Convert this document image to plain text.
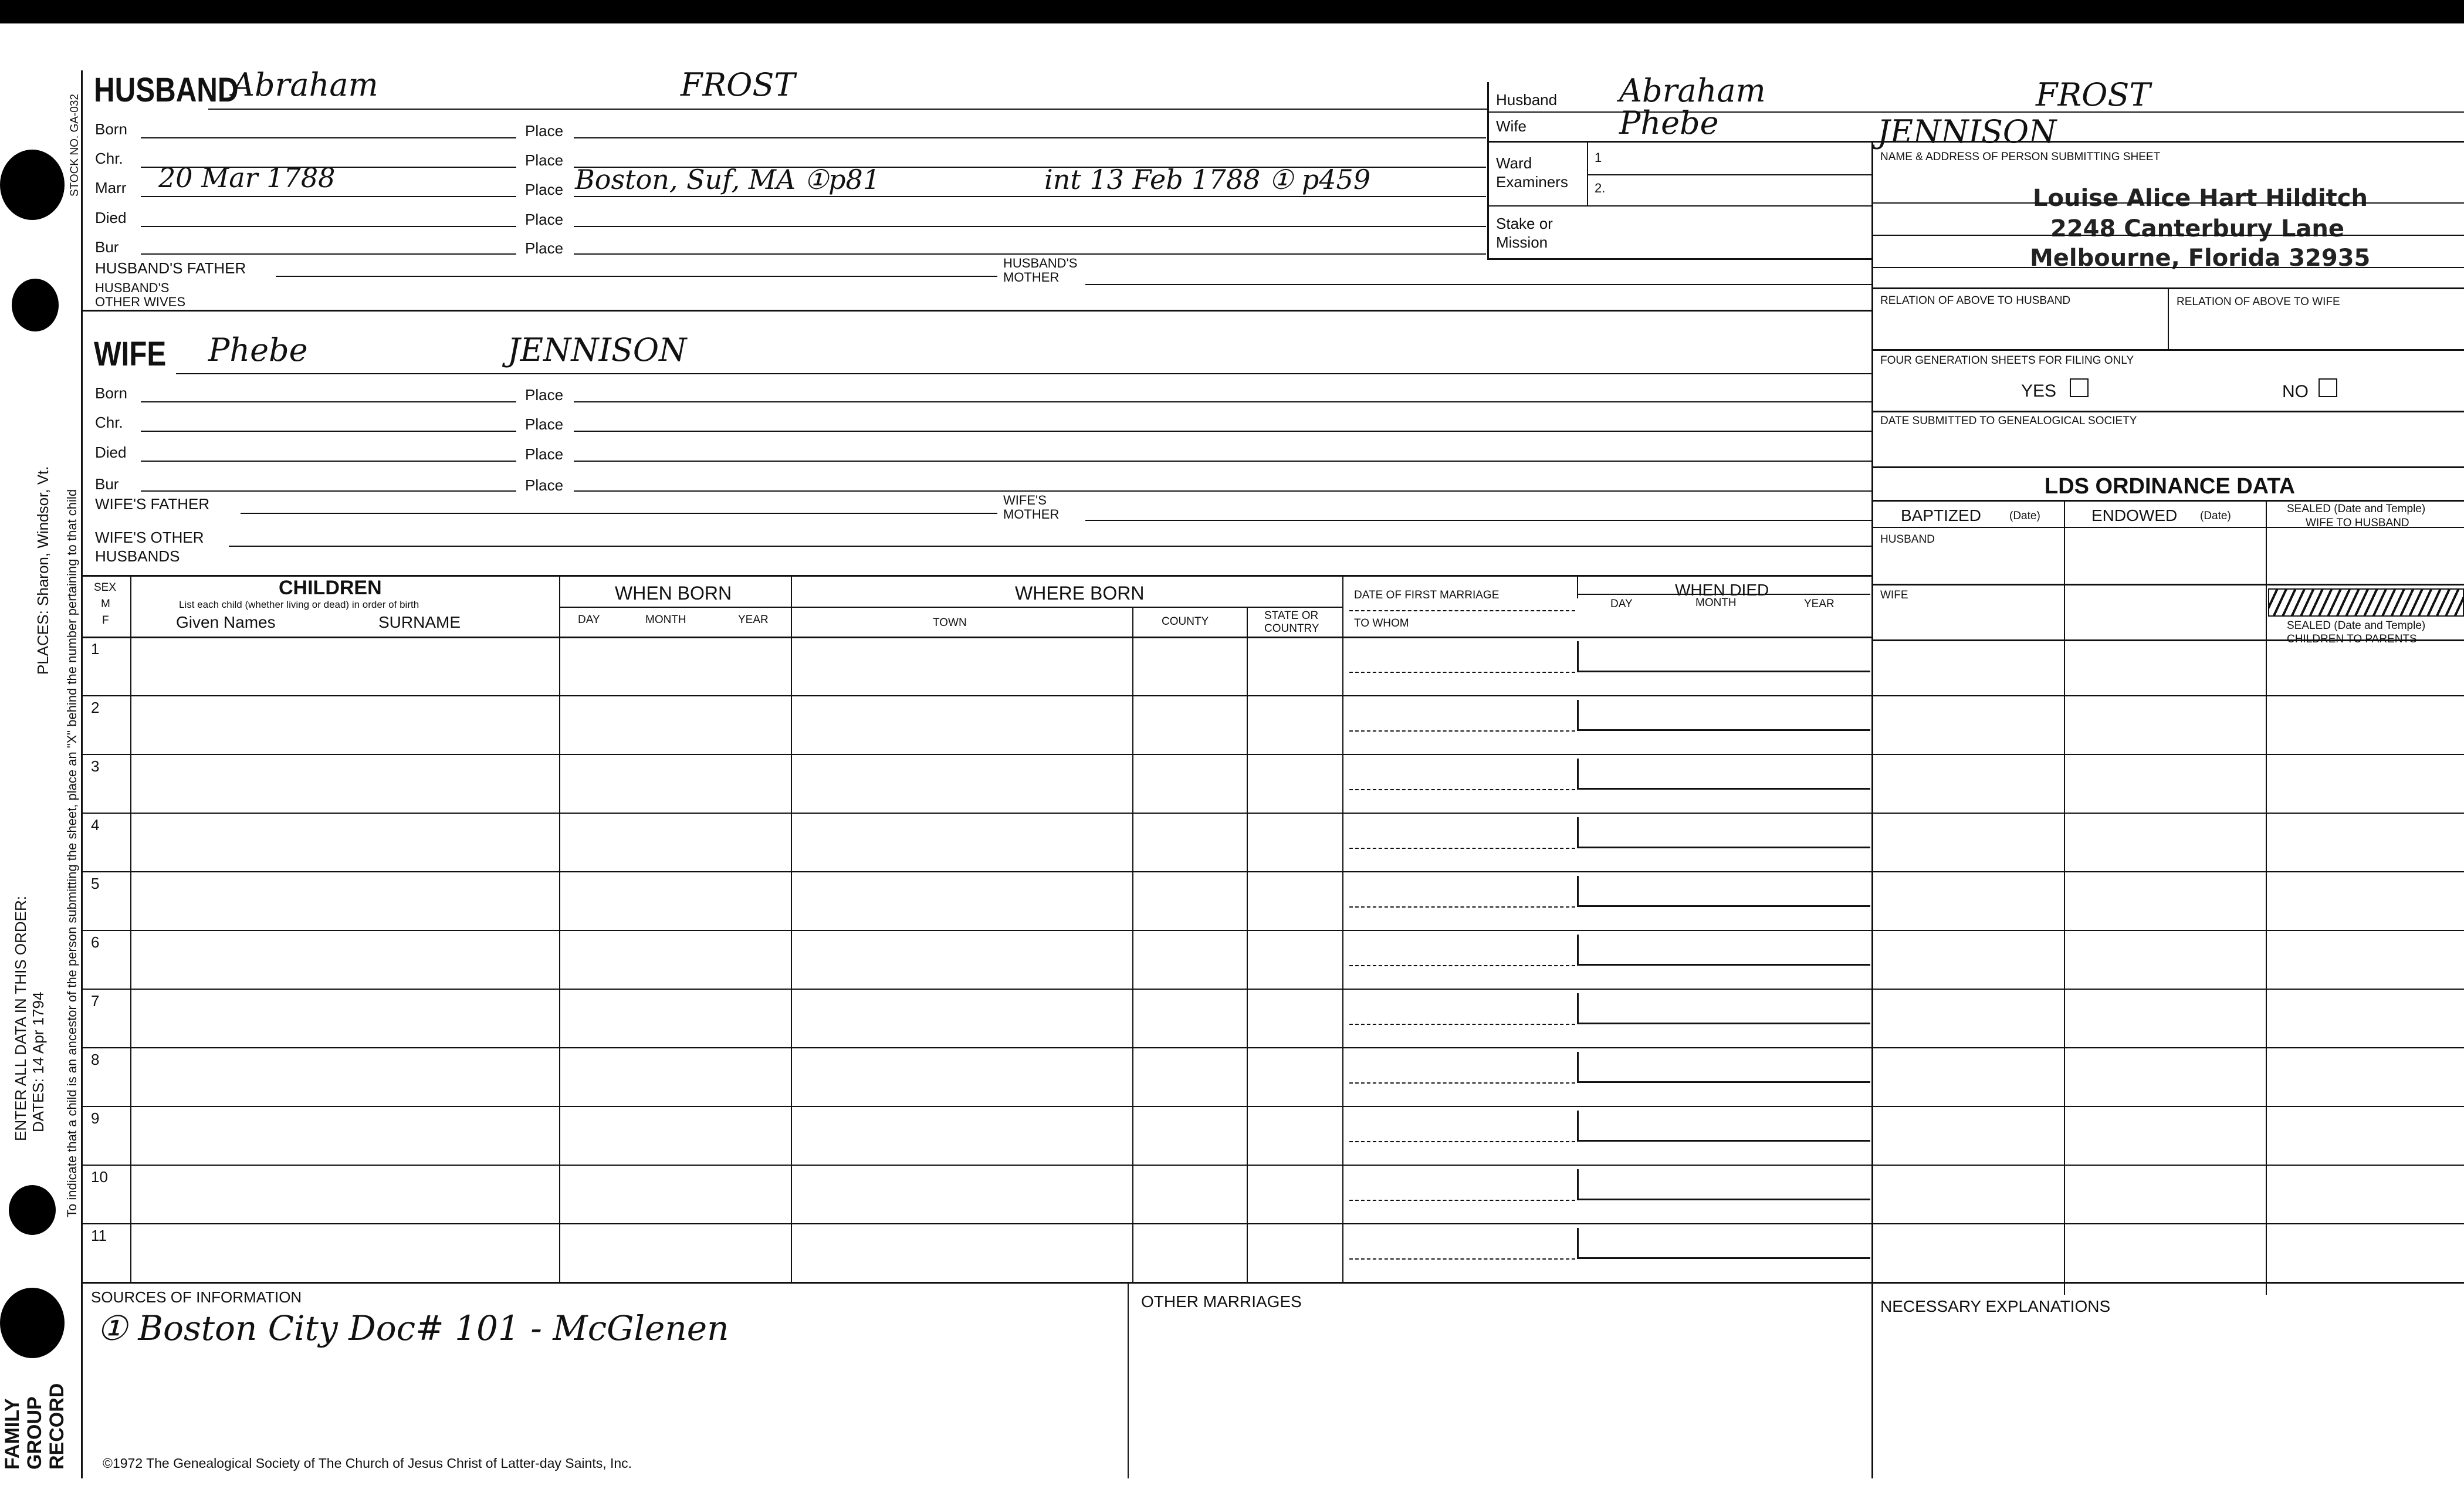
STOCK NO. GA-032
PLACES: Sharon, Windsor, Vt. To indicate that a child is an ancestor of the person submitting the sheet, place an "X" behind the number pertaining to that child
ENTER ALL DATA IN THIS ORDER: DATES: 14 Apr 1794
FAMILY GROUP RECORD
HUSBAND
Abraham	FROST
Born	Place
Chr.	Place
Marr 20 Mar 1788	Place Boston, Suf, MA ①p81	int 13 Feb 1788 ① p459
Died	Place
Bur	Place
HUSBAND'S FATHER	HUSBAND'S
MOTHER
HUSBAND'S
OTHER WIVES
WIFE Phebe	JENNISON
Born	Place
Chr.	Place
Died	Place
Bur	Place
WIFE'S FATHER	WIFE'S
MOTHER
WIFE'S OTHER
HUSBANDS
Husband Abraham	FROST
Wife	Phebe	JENNISON
Ward
Examiners
1
2.
Stake or
Mission
NAME & ADDRESS OF PERSON SUBMITTING SHEET
Louise Alice Hart Hilditch
2248 Canterbury Lane
Melbourne, Florida 32935
RELATION OF ABOVE TO HUSBAND	RELATION OF ABOVE TO WIFE
FOUR GENERATION SHEETS FOR FILING ONLY
YES	NO
DATE SUBMITTED TO GENEALOGICAL SOCIETY
LDS ORDINANCE DATA
BAPTIZED	(Date)	ENDOWED (Date)
SEALED (Date and Temple)
WIFE TO HUSBAND
HUSBAND
WIFE
SEALED (Date and Temple)
CHILDREN TO PARENTS
SEX
M
F
CHILDREN
List each child (whether living or dead) in order of birth
Given Names	SURNAME
WHEN BORN
DAY	MONTH	YEAR
WHERE BORN
TOWN	COUNTY	STATE OR
COUNTRY
DATE OF FIRST MARRIAGE
TO WHOM
WHEN DIED
DAY	MONTH	YEAR
1
2
3
4
5
6
7
8
9
10
11
SOURCES OF INFORMATION
① Boston City Doc# 101 - McGlenen
OTHER MARRIAGES	NECESSARY EXPLANATIONS
©1972 The Genealogical Society of The Church of Jesus Christ of Latter-day Saints, Inc.
